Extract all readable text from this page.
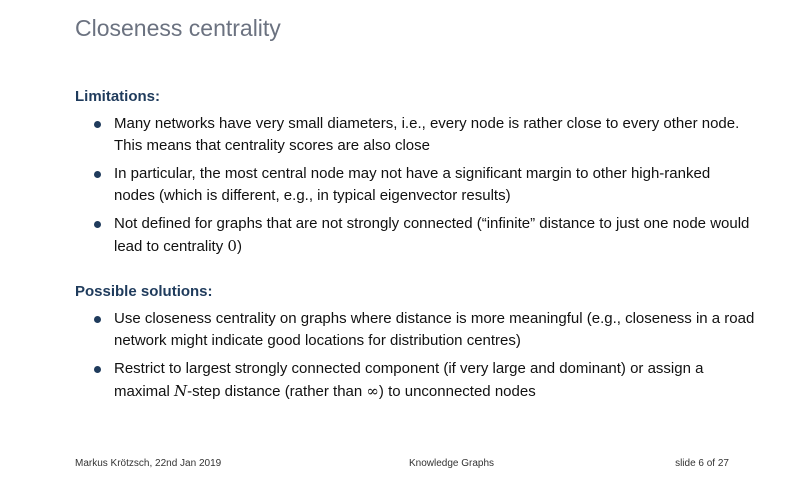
Closeness centrality
Limitations:
Many networks have very small diameters, i.e., every node is rather close to every other node. This means that centrality scores are also close
In particular, the most central node may not have a significant margin to other high-ranked nodes (which is different, e.g., in typical eigenvector results)
Not defined for graphs that are not strongly connected (“infinite” distance to just one node would lead to centrality 0)
Possible solutions:
Use closeness centrality on graphs where distance is more meaningful (e.g., closeness in a road network might indicate good locations for distribution centres)
Restrict to largest strongly connected component (if very large and dominant) or assign a maximal N-step distance (rather than ∞) to unconnected nodes
Markus Krötzsch, 22nd Jan 2019	Knowledge Graphs	slide 6 of 27
